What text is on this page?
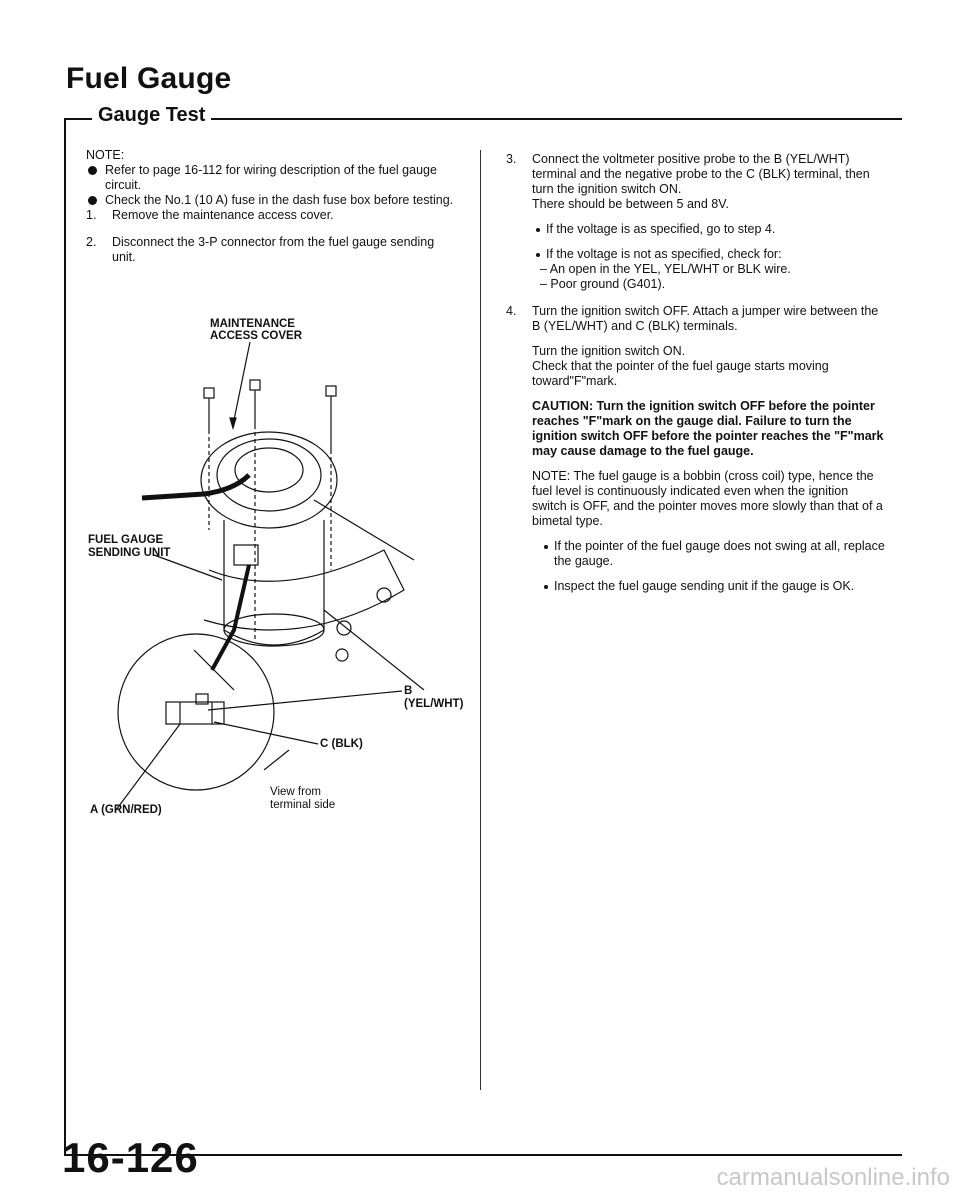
Fuel Gauge
Gauge Test

NOTE:

Refer to page 16-112 for wiring description of the fuel gauge circuit.
Check the No.1 (10 A) fuse in the dash fuse box before testing.
1.	Remove the maintenance access cover.
2.	Disconnect the 3-P connector from the fuel gauge sending unit.
MAINTENANCE
ACCESS COVER
FUEL GAUGE
SENDING UNIT
B (YEL/WHT)
C (BLK)
A (GRN/RED)
View from
terminal side
3.	Connect the voltmeter positive probe to the B (YEL/WHT) terminal and the negative probe to the C (BLK) terminal, then turn the ignition switch ON.

There should be between 5 and 8V.

If the voltage is as specified, go to step 4.
If the voltage is not as specified, check for:

– An open in the YEL, YEL/WHT or BLK wire.

– Poor ground (G401).

4.	Turn the ignition switch OFF. Attach a jumper wire between the B (YEL/WHT) and C (BLK) terminals.

Turn the ignition switch ON.

Check that the pointer of the fuel gauge starts moving toward"F"mark.

CAUTION: Turn the ignition switch OFF before the pointer reaches "F"mark on the gauge dial. Failure to turn the ignition switch OFF before the pointer reaches the "F"mark may cause damage to the fuel gauge.

NOTE: The fuel gauge is a bobbin (cross coil) type, hence the fuel level is continuously indicated even when the ignition switch is OFF, and the pointer moves more slowly than that of a bimetal type.

If the pointer of the fuel gauge does not swing at all, replace the gauge.
Inspect the fuel gauge sending unit if the gauge is OK.
16-126	carmanualsonline.info
